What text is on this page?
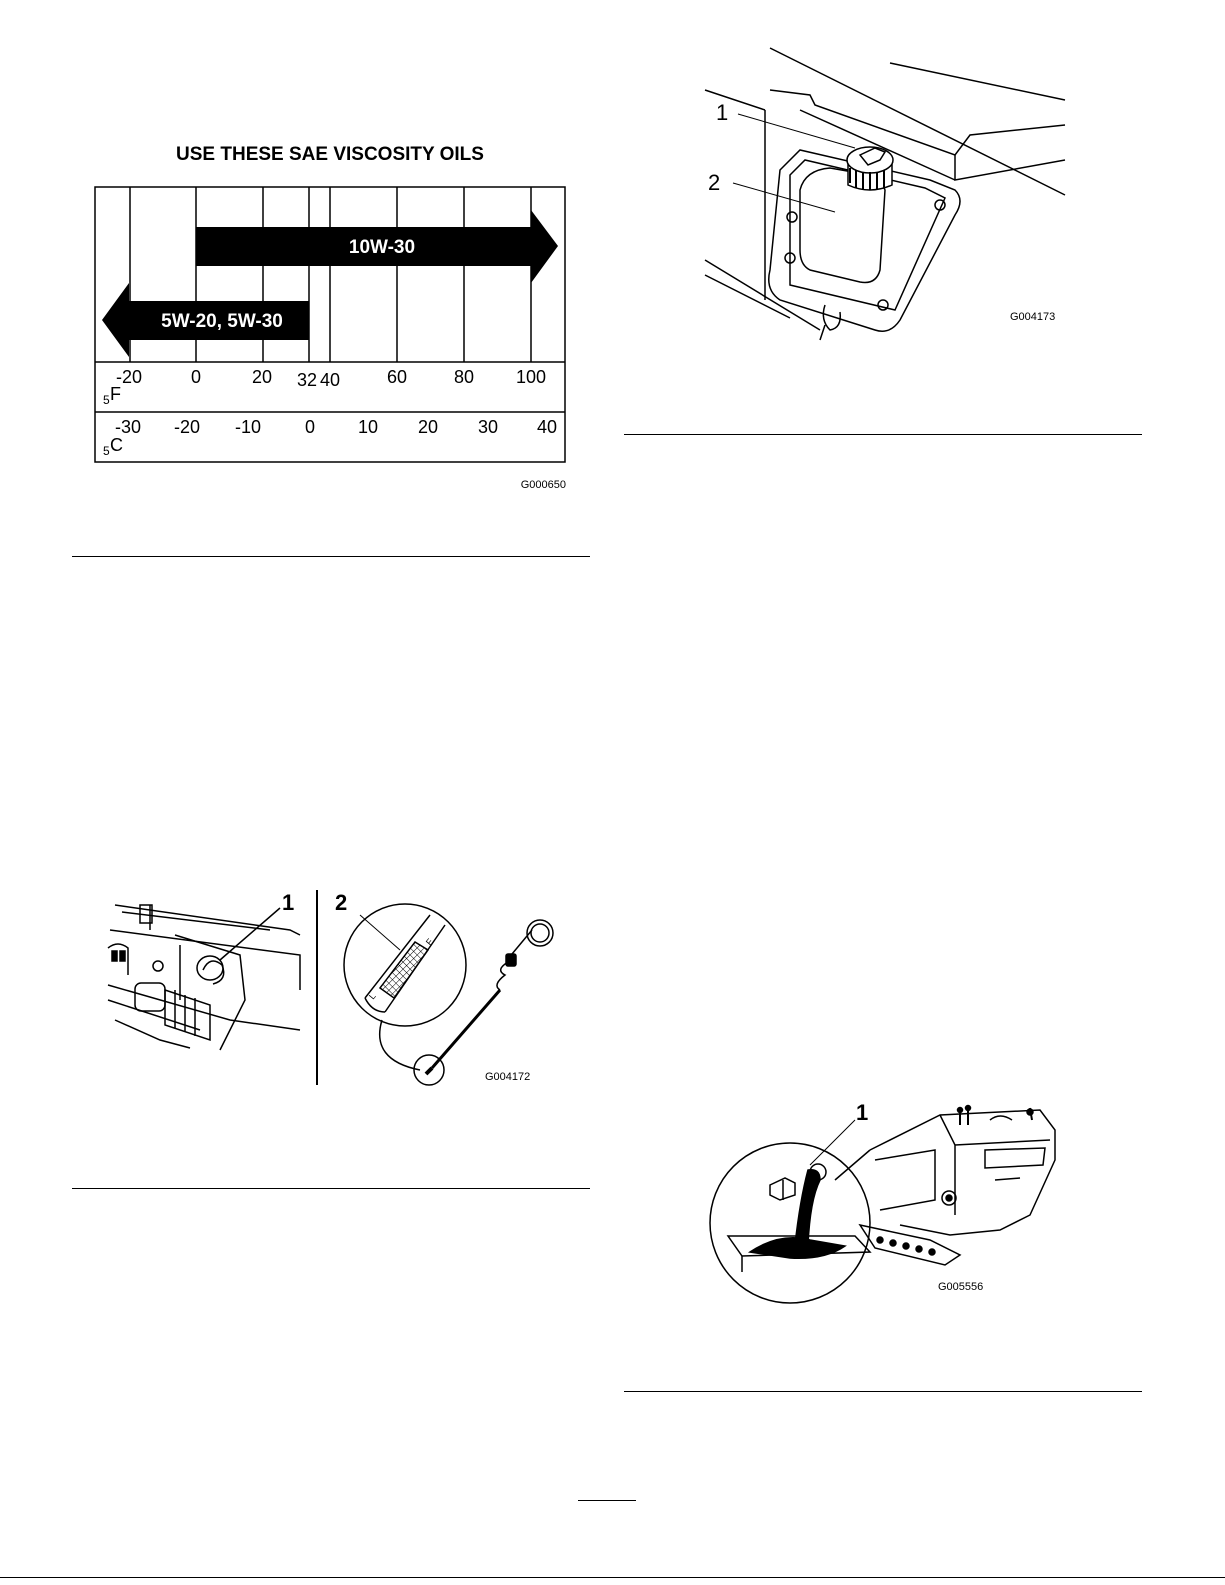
USE THESE SAE VISCOSITY OILS
10W-30
5W-20, 5W-30
-20	0	20 32 40	60	80 100
5 F
-30 -20 -10 0 10 20 30 40
5 C
G000650
F
L
1 2
G004172
1
2
G004173
1
G005556
